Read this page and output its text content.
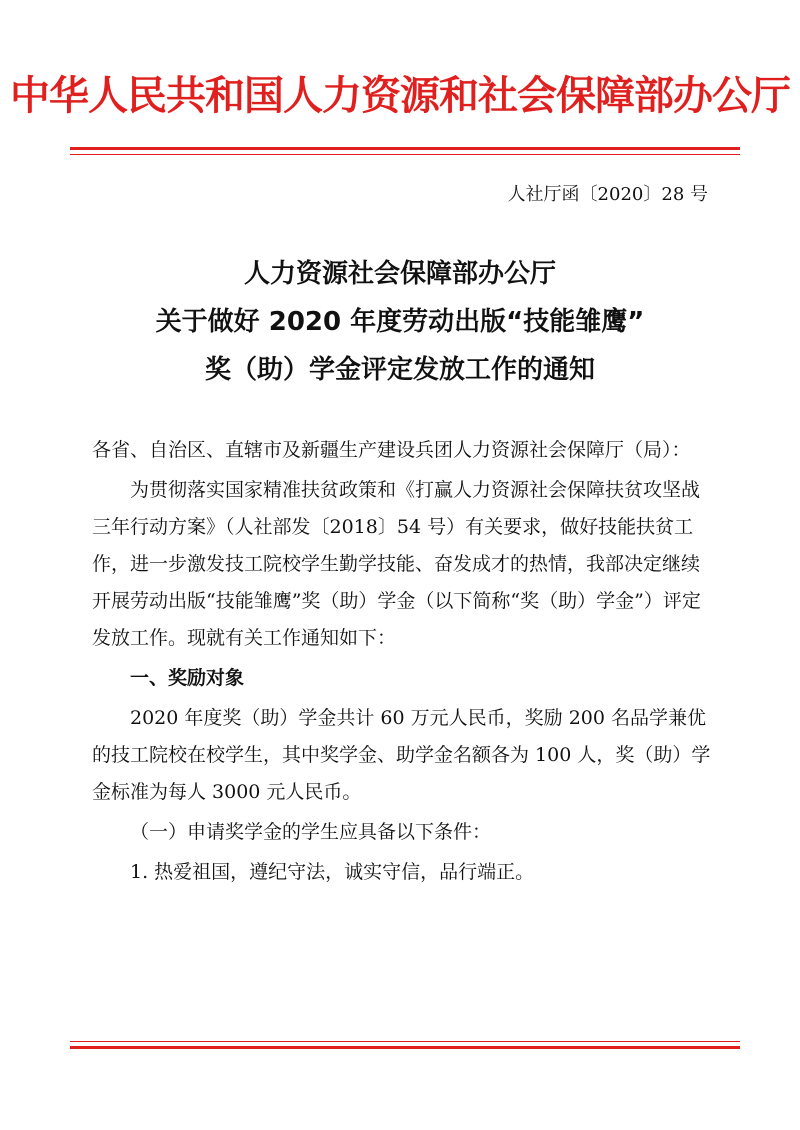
中华人民共和国人力资源和社会保障部办公厅
人社厅函〔2020〕28 号
人力资源社会保障部办公厅
关于做好 2020 年度劳动出版“技能雏鹰”
奖（助）学金评定发放工作的通知

各省、自治区、直辖市及新疆生产建设兵团人力资源社会保障厅（局）：

为贯彻落实国家精准扶贫政策和《打赢人力资源社会保障扶贫攻坚战三年行动方案》（人社部发〔2018〕54 号）有关要求，做好技能扶贫工作，进一步激发技工院校学生勤学技能、奋发成才的热情，我部决定继续开展劳动出版“技能雏鹰”奖（助）学金（以下简称“奖（助）学金”）评定发放工作。现就有关工作通知如下：

一、奖励对象

2020 年度奖（助）学金共计 60 万元人民币，奖励 200 名品学兼优的技工院校在校学生，其中奖学金、助学金名额各为 100 人，奖（助）学金标准为每人 3000 元人民币。

（一）申请奖学金的学生应具备以下条件：

1. 热爱祖国，遵纪守法，诚实守信，品行端正。
